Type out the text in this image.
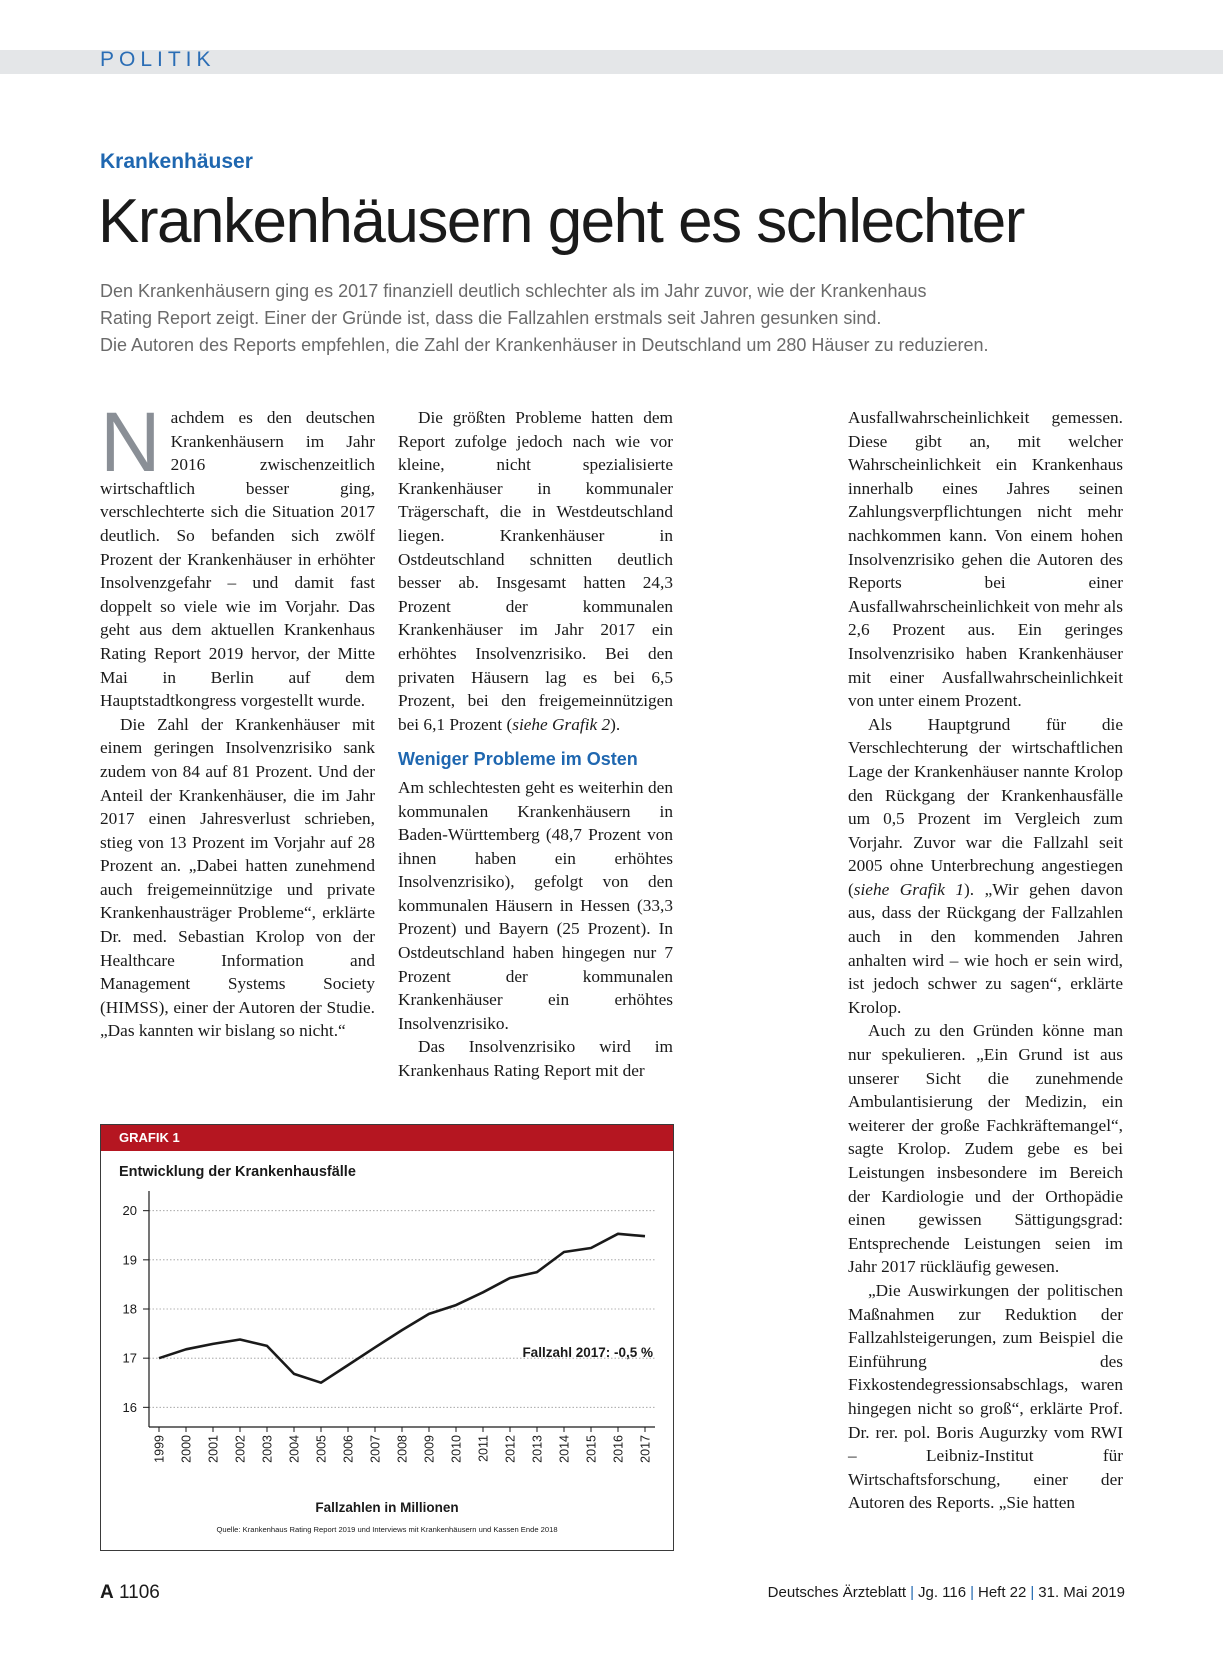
POLITIK
Krankenhäuser
Krankenhäusern geht es schlechter
Den Krankenhäusern ging es 2017 finanziell deutlich schlechter als im Jahr zuvor, wie der Krankenhaus
Rating Report zeigt. Einer der Gründe ist, dass die Fallzahlen erstmals seit Jahren gesunken sind.
Die Autoren des Reports empfehlen, die Zahl der Krankenhäuser in Deutschland um 280 Häuser zu reduzieren.

Nachdem es den deutschen Krankenhäusern im Jahr 2016 zwischenzeitlich wirtschaftlich besser ging, verschlechterte sich die Situation 2017 deutlich. So befanden sich zwölf Prozent der Krankenhäuser in erhöhter Insolvenzgefahr – und damit fast doppelt so viele wie im Vorjahr. Das geht aus dem aktuellen Krankenhaus Rating Report 2019 hervor, der Mitte Mai in Berlin auf dem Hauptstadtkongress vorgestellt wurde.

Die Zahl der Krankenhäuser mit einem geringen Insolvenzrisiko sank zudem von 84 auf 81 Prozent. Und der Anteil der Krankenhäuser, die im Jahr 2017 einen Jahresverlust schrieben, stieg von 13 Prozent im Vorjahr auf 28 Prozent an. „Dabei hatten zunehmend auch freigemeinnützige und private Krankenhausträger Probleme“, erklärte Dr. med. Sebastian Krolop von der Healthcare Information and Management Systems Society (HIMSS), einer der Autoren der Studie. „Das kannten wir bislang so nicht.“

Die größten Probleme hatten dem Report zufolge jedoch nach wie vor kleine, nicht spezialisierte Krankenhäuser in kommunaler Trägerschaft, die in Westdeutschland liegen. Krankenhäuser in Ostdeutschland schnitten deutlich besser ab. Insgesamt hatten 24,3 Prozent der kommunalen Krankenhäuser im Jahr 2017 ein erhöhtes Insolvenzrisiko. Bei den privaten Häusern lag es bei 6,5 Prozent, bei den freigemeinnützigen bei 6,1 Prozent (siehe Grafik 2).

Weniger Probleme im Osten

Am schlechtesten geht es weiterhin den kommunalen Krankenhäusern in Baden-Württemberg (48,7 Prozent von ihnen haben ein erhöhtes Insolvenzrisiko), gefolgt von den kommunalen Häusern in Hessen (33,3 Prozent) und Bayern (25 Prozent). In Ostdeutschland haben hingegen nur 7 Prozent der kommunalen Krankenhäuser ein erhöhtes Insolvenzrisiko.

Das Insolvenzrisiko wird im Krankenhaus Rating Report mit der

Ausfallwahrscheinlichkeit gemessen. Diese gibt an, mit welcher Wahrscheinlichkeit ein Krankenhaus innerhalb eines Jahres seinen Zahlungsverpflichtungen nicht mehr nachkommen kann. Von einem hohen Insolvenzrisiko gehen die Autoren des Reports bei einer Ausfallwahrscheinlichkeit von mehr als 2,6 Prozent aus. Ein geringes Insolvenzrisiko haben Krankenhäuser mit einer Ausfallwahrscheinlichkeit von unter einem Prozent.

Als Hauptgrund für die Verschlechterung der wirtschaftlichen Lage der Krankenhäuser nannte Krolop den Rückgang der Krankenhausfälle um 0,5 Prozent im Vergleich zum Vorjahr. Zuvor war die Fallzahl seit 2005 ohne Unterbrechung angestiegen (siehe Grafik 1). „Wir gehen davon aus, dass der Rückgang der Fallzahlen auch in den kommenden Jahren anhalten wird – wie hoch er sein wird, ist jedoch schwer zu sagen“, erklärte Krolop.

Auch zu den Gründen könne man nur spekulieren. „Ein Grund ist aus unserer Sicht die zunehmende Ambulantisierung der Medizin, ein weiterer der große Fachkräftemangel“, sagte Krolop. Zudem gebe es bei Leistungen insbesondere im Bereich der Kardiologie und der Orthopädie einen gewissen Sättigungsgrad: Entsprechende Leistungen seien im Jahr 2017 rückläufig gewesen.

„Die Auswirkungen der politischen Maßnahmen zur Reduktion der Fallzahlsteigerungen, zum Beispiel die Einführung des Fixkostendegressionsabschlags, waren hingegen nicht so groß“, erklärte Prof. Dr. rer. pol. Boris Augurzky vom RWI – Leibniz-Institut für Wirtschaftsforschung, einer der Autoren des Reports. „Sie hatten

GRAFIK 1
Entwicklung der Krankenhausfälle
16
17
18
19
20
1999 2000 2001 2002 2003 2004 2005 2006 2007 2008 2009 2010 2011 2012 2013 2014 2015 2016 2017
Fallzahl 2017: -0,5 %
Fallzahlen in Millionen
Quelle: Krankenhaus Rating Report 2019 und Interviews mit Krankenhäusern und Kassen Ende 2018
A 1106	Deutsches Ärzteblatt | Jg. 116 | Heft 22 | 31. Mai 2019
